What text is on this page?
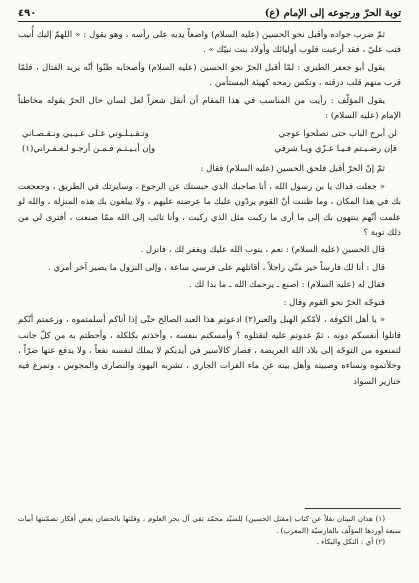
توبة الحرّ ورجوعه إلى الإمام (ع)
٤٩٠

ثمّ ضرب جواده وأقبل نحو الحسين (عليه السلام) واضعاً يديه على رأسه ، وهو يقول : « اللهمّ إليك أُنيب فتب عليّ ، فقد أرعبت قلوب أوليائك وأولاد بنت نبيّك » .

يقول أبو جعفر الطبري : لمّا أقبل الحرّ نحو الحسين (عليه السلام) وأصحابه ظنّوا أنّه يريد القتال ، فلمّا قرب منهم قلب درقته ، ونكس رمحه كهيئة المستأمن .

يقول المؤلّف : رأيت من المناسب في هذا المقام أن أنقل شعراً لعل لسان حال الحرّ يقوله مخاطباً الإمام (عليه السلام) :

لن أبرح الباب حتى تصلحوا عوجي
وتـقـبـلـوني عـلى عـيـبي ونـقـصـاني
فإن رضـيـتم فـيـا عـزّي ويـا شرفي
وإن أبـيـتـم فـمـن أرجـو لـغـفـراني(١)

ثمّ إنّ الحرّ أقبل فلحق الحسين (عليه السلام) فقال :

« جعلت فداك يا بن رسول الله ، أنا صاحبك الذي حبستك عن الرجوع ، وسايرتك في الطريق ، وجعجعت بك في هذا المكان ، وما ظننت أنّ القوم يردّون عليك ما عرضته عليهم ، ولا يبلغون بك هذه المنزلة ، والله لو علمت أنّهم ينتهون بك إلى ما أرى ما ركبت مثل الذي ركبت ، وأنا تائب إلى الله ممّا صنعت ، أفترى لي من ذلك توبة ؟

قال الحسين (عليه السلام) : نعم ، يتوب الله عليك ويغفر لك ، فانزل .

قال : أنا لك فارساً خير منّي راجلاً ، أقاتلهم على فرسي ساعة ، وإلى النزول ما يصير آخر أمري .

فقال له (عليه السلام) : اصنع ـ يرحمك الله ـ ما بدا لك .

فتوجّه الحرّ نحو القوم وقال :

« يا أهل الكوفة ، لأمّكم الهبل والعبر(٢) ادعوتم هذا العبد الصالح حتّى إذا أتاكم أسلمتموه ، وزعمتم أنّكم قاتلوا أنفسكم دونه ، ثمّ عدوتم عليه لتقتلوه ؟ وأمسكتم بنفسه ، وأخذتم بكلكله ، وأحطتم به من كلّ جانب لتمنعوه من التوجّه إلى بلاد الله العريضة ، فصار كالأسير في أيديكم لا يملك لنفسه نفعاً ، ولا يدفع عنها ضرّاً ، وحلأتموه ونساءه وصبيته وأهل بيته عن ماء الفرات الجاري ، تشربه اليهود والنصارى والمجوس ، وتمرغ فيه خنازير السواد

(١) هذان البيتان نقلاً عن كتاب (مقتل الحسين) للسيّد محمّد تقي آل بحر العلوم ، وقلتها بالحضان بعض أفكار تضمّنتها أبيات سبعة أوردها المؤلّف بالفارسيّة (المعرب) .

(٢) أي : الثكل والبكاء .
